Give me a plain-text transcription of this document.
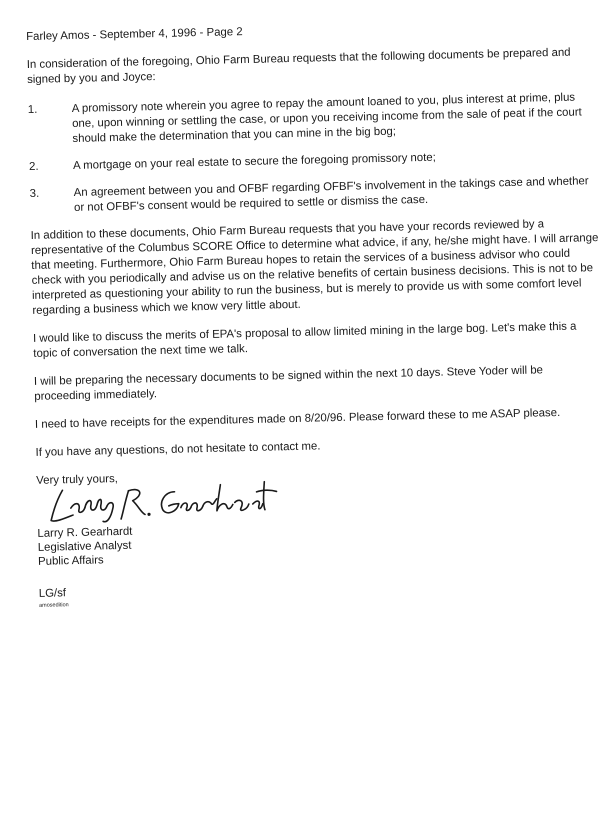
Farley Amos - September 4, 1996 - Page 2

In consideration of the foregoing, Ohio Farm Bureau requests that the following documents be prepared and signed by you and Joyce:

1.	A promissory note wherein you agree to repay the amount loaned to you, plus interest at prime, plus one, upon winning or settling the case, or upon you receiving income from the sale of peat if the court should make the determination that you can mine in the big bog;
2.	A mortgage on your real estate to secure the foregoing promissory note;
3.	An agreement between you and OFBF regarding OFBF's involvement in the takings case and whether or not OFBF's consent would be required to settle or dismiss the case.

In addition to these documents, Ohio Farm Bureau requests that you have your records reviewed by a representative of the Columbus SCORE Office to determine what advice, if any, he/she might have. I will arrange that meeting. Furthermore, Ohio Farm Bureau hopes to retain the services of a business advisor who could check with you periodically and advise us on the relative benefits of certain business decisions. This is not to be interpreted as questioning your ability to run the business, but is merely to provide us with some comfort level regarding a business which we know very little about.

I would like to discuss the merits of EPA's proposal to allow limited mining in the large bog. Let's make this a topic of conversation the next time we talk.

I will be preparing the necessary documents to be signed within the next 10 days. Steve Yoder will be proceeding immediately.

I need to have receipts for the expenditures made on 8/20/96. Please forward these to me ASAP please.

If you have any questions, do not hesitate to contact me.

Very truly yours,

Larry R. Gearhardt
Legislative Analyst
Public Affairs
LG/sf
amosedition
